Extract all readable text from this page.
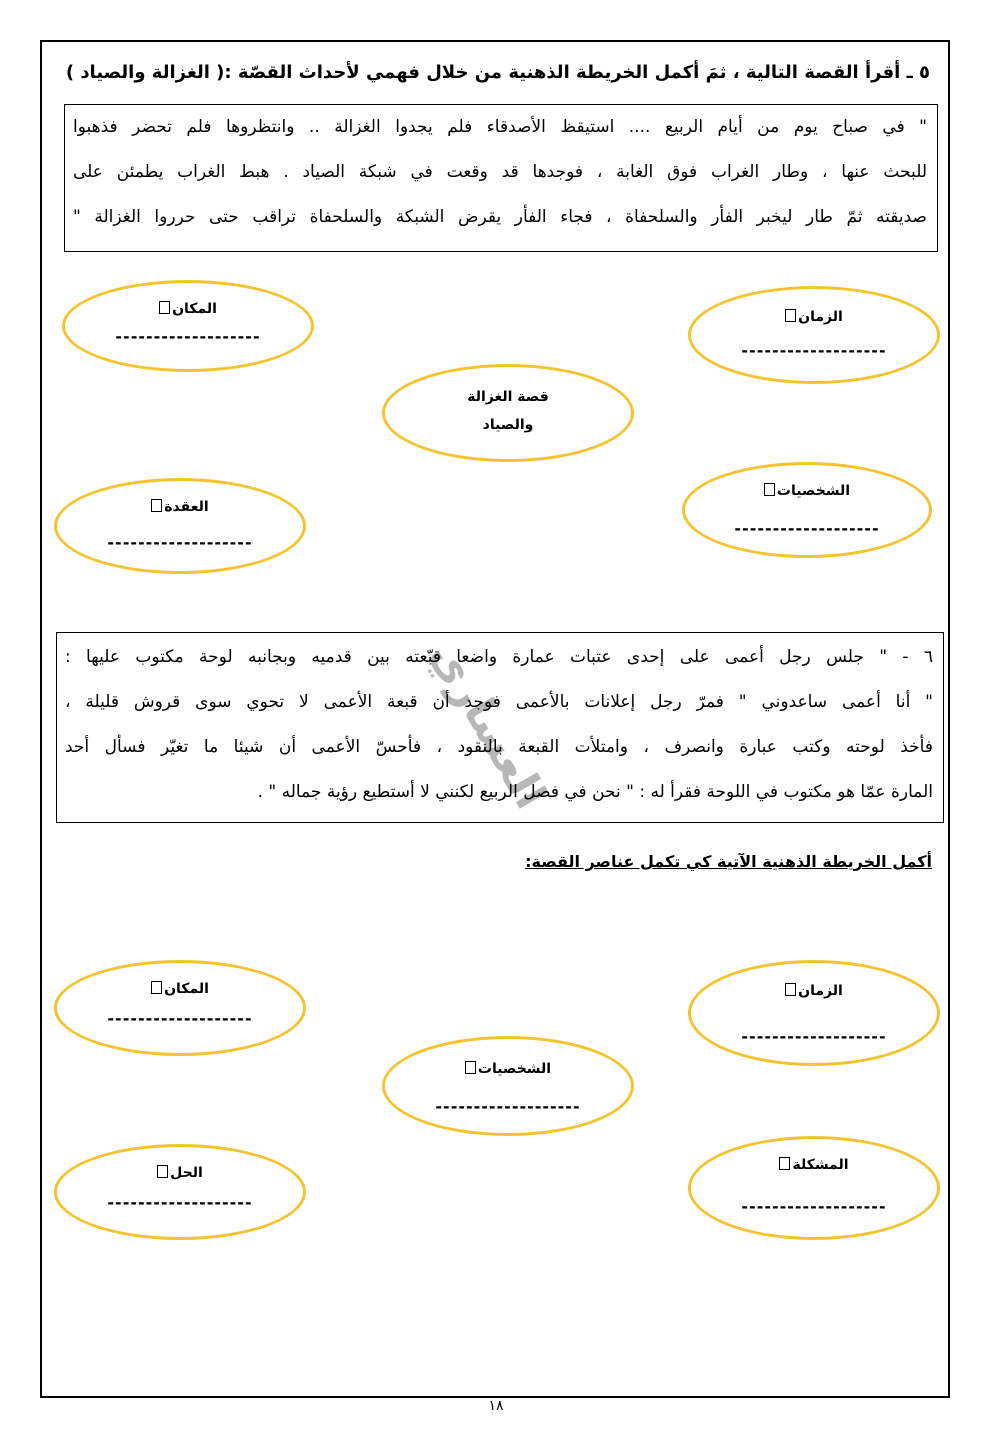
٥ ـ أقرأ القصة التالية ، ثمَ أكمل الخريطة الذهنية من خلال فهمي لأحداث القصّة :( الغزالة والصياد )
" في صباح يوم من أيام الربيع .... استيقظ الأصدقاء فلم يجدوا الغزالة .. وانتظروها فلم تحضر فذهبوا
للبحث عنها ، وطار الغراب فوق الغابة ، فوجدها قد وقعت في شبكة الصياد . هبط الغراب يطمئن على
صديقته ثمّ طار ليخبر الفأر والسلحفاة ، فجاء الفأر يقرض الشبكة والسلحفاة تراقب حتى حرروا الغزالة "
المكان
-------------------
الزمان
-------------------
قصة الغزالة
والصياد
العقدة
-------------------
الشخصيات
-------------------
٦ - " جلس رجل أعمى على إحدى عتبات عمارة واضعا قبّعته بين قدميه وبجانبه لوحة مكتوب عليها :
" أنا أعمى ساعدوني " فمرّ رجل إعلانات بالأعمى فوجد أن قبعة الأعمى لا تحوي سوى قروش قليلة ،
فأخذ لوحته وكتب عبارة وانصرف ، وامتلأت القبعة بالنقود ، فأحسّ الأعمى أن شيئا ما تغيّر فسأل أحد
المارة عمّا هو مكتوب في اللوحة فقرأ له : " نحن في فصل الربيع لكنني لا أستطيع رؤية جماله " .
العساري
أكمل الخريطة الذهنية الآتية كي تكمل عناصر القصة:
المكان
-------------------
الزمان
-------------------
الشخصيات
-------------------
الحل
-------------------
المشكلة
-------------------
١٨
